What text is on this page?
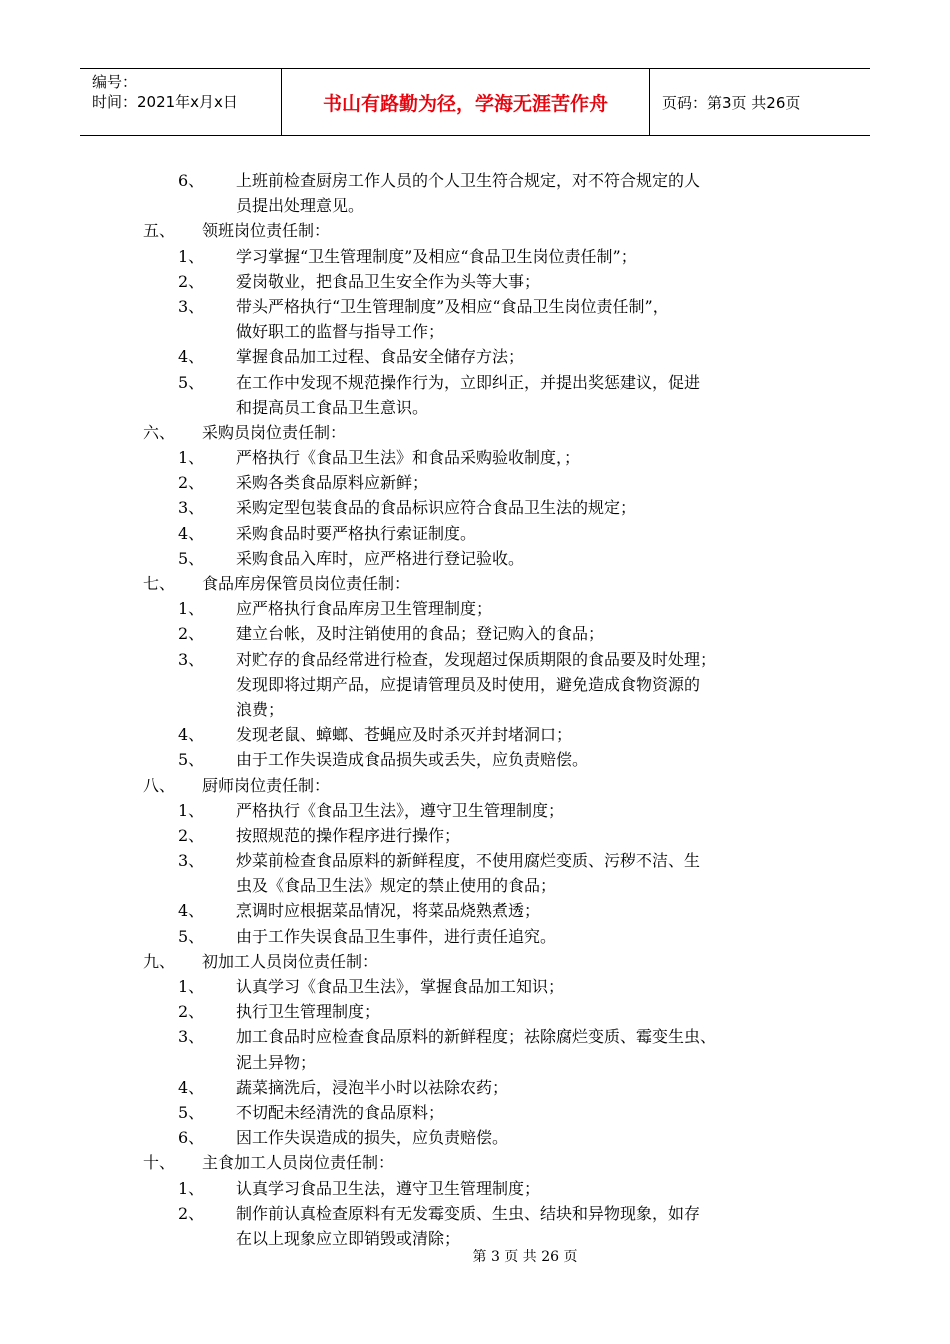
编号：
时间：2021年x月x日	书山有路勤为径，学海无涯苦作舟	页码：第3页 共26页
6、 上班前检查厨房工作人员的个人卫生符合规定，对不符合规定的人
员提出处理意见。
五、 领班岗位责任制：
1、 学习掌握“卫生管理制度”及相应“食品卫生岗位责任制”；
2、 爱岗敬业，把食品卫生安全作为头等大事；
3、 带头严格执行“卫生管理制度”及相应“食品卫生岗位责任制”，
做好职工的监督与指导工作；
4、 掌握食品加工过程、食品安全储存方法；
5、 在工作中发现不规范操作行为，立即纠正，并提出奖惩建议，促进
和提高员工食品卫生意识。
六、 采购员岗位责任制：
1、 严格执行《食品卫生法》和食品采购验收制度，；
2、 采购各类食品原料应新鲜；
3、 采购定型包装食品的食品标识应符合食品卫生法的规定；
4、 采购食品时要严格执行索证制度。
5、 采购食品入库时，应严格进行登记验收。
七、 食品库房保管员岗位责任制：
1、 应严格执行食品库房卫生管理制度；
2、 建立台帐，及时注销使用的食品；登记购入的食品；
3、 对贮存的食品经常进行检查，发现超过保质期限的食品要及时处理；
发现即将过期产品，应提请管理员及时使用，避免造成食物资源的
浪费；
4、 发现老鼠、蟑螂、苍蝇应及时杀灭并封堵洞口；
5、 由于工作失误造成食品损失或丢失，应负责赔偿。
八、 厨师岗位责任制：
1、 严格执行《食品卫生法》，遵守卫生管理制度；
2、 按照规范的操作程序进行操作；
3、 炒菜前检查食品原料的新鲜程度，不使用腐烂变质、污秽不洁、生
虫及《食品卫生法》规定的禁止使用的食品；
4、 烹调时应根据菜品情况，将菜品烧熟煮透；
5、 由于工作失误食品卫生事件，进行责任追究。
九、 初加工人员岗位责任制：
1、 认真学习《食品卫生法》，掌握食品加工知识；
2、 执行卫生管理制度；
3、 加工食品时应检查食品原料的新鲜程度；祛除腐烂变质、霉变生虫、
泥土异物；
4、 蔬菜摘洗后，浸泡半小时以祛除农药；
5、 不切配未经清洗的食品原料；
6、 因工作失误造成的损失，应负责赔偿。
十、 主食加工人员岗位责任制：
1、 认真学习食品卫生法，遵守卫生管理制度；
2、 制作前认真检查原料有无发霉变质、生虫、结块和异物现象，如存
在以上现象应立即销毁或清除；
第 3 页 共 26 页
